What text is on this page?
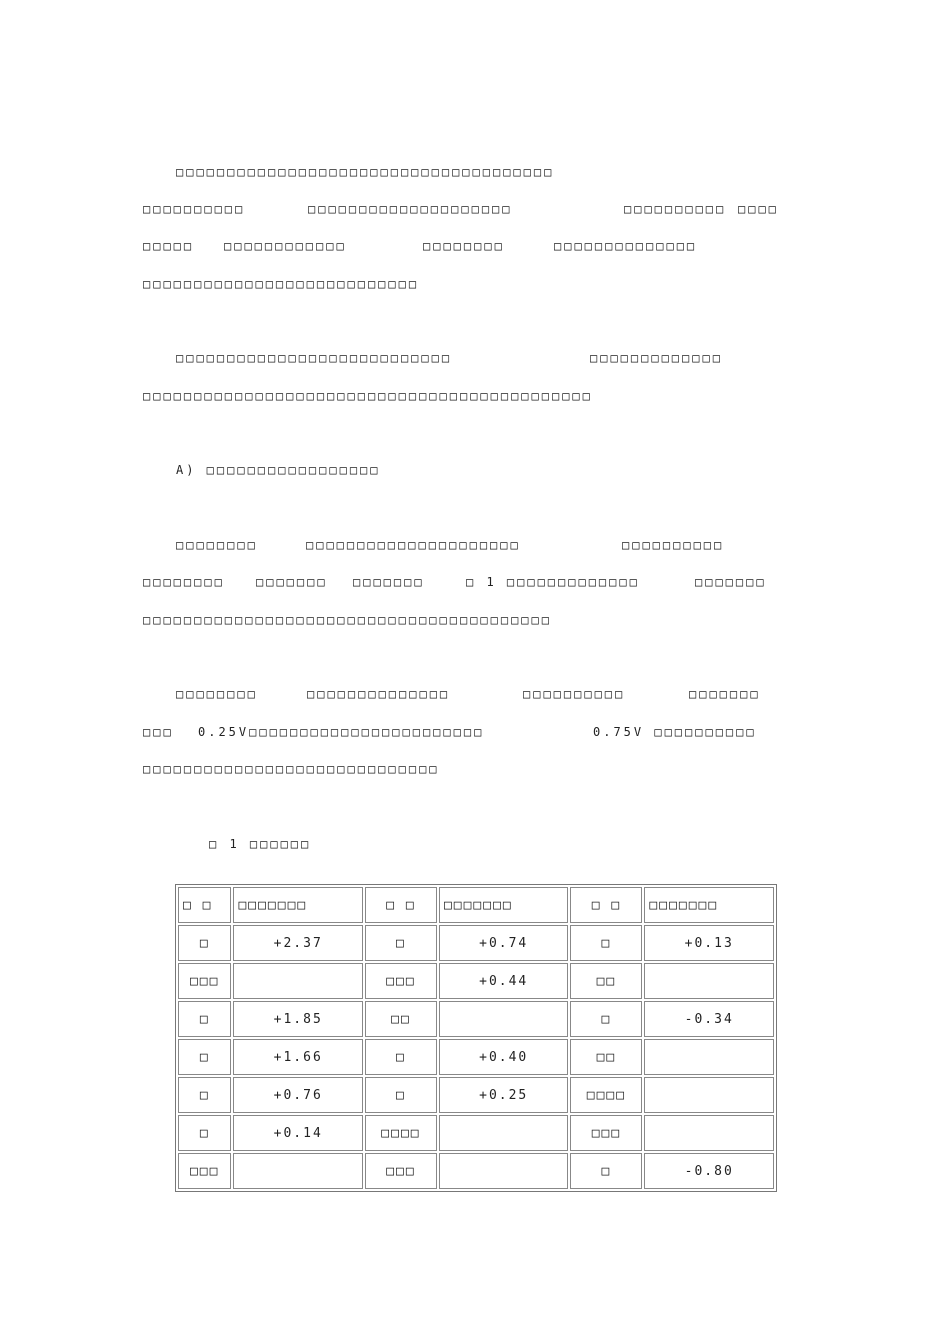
□□□□□□□□□□□□□□□□□□□□□□□□□□□□□□□□□□□□□

□□□□□□□□□□

	□□□□□□□□□□□□□□□□□□□□

	□□□□□□□□□□

□□□□

□□□□□

□□□□□□□□□□□□

	□□□□□□□□

	□□□□□□□□□□□□□□

□□□□□□□□□□□□□□□□□□□□□□□□□□□

□□□□□□□□□□□□□□□□□□□□□□□□□□□

	□□□□□□□□□□□□□

□□□□□□□□□□□□□□□□□□□□□□□□□□□□□□□□□□□□□□□□□□□□

A) □□□□□□□□□□□□□□□□□

□□□□□□□□

	□□□□□□□□□□□□□□□□□□□□□

	□□□□□□□□□□

□□□□□□□□

	□□□□□□□

□□□□□□□

	□ 1 □□□□□□□□□□□□□

	□□□□□□□

□□□□□□□□□□□□□□□□□□□□□□□□□□□□□□□□□□□□□□□□

□□□□□□□□

	□□□□□□□□□□□□□□

	□□□□□□□□□□

	□□□□□□□

□□□

0.25V□□□□□□□□□□□□□□□□□□□□□□□

	0.75V □□□□□□□□□□

□□□□□□□□□□□□□□□□□□□□□□□□□□□□□

□ 1 □□□□□□

□ □	□□□□□□□	□ □	□□□□□□□	□ □	□□□□□□□
□	+2.37	□	+0.74	□	+0.13
□□□		□□□	+0.44	□□	
□	+1.85	□□		□	-0.34
□	+1.66	□	+0.40	□□	
□	+0.76	□	+0.25	□□□□	
□	+0.14	□□□□		□□□	
□□□		□□□		□	-0.80
